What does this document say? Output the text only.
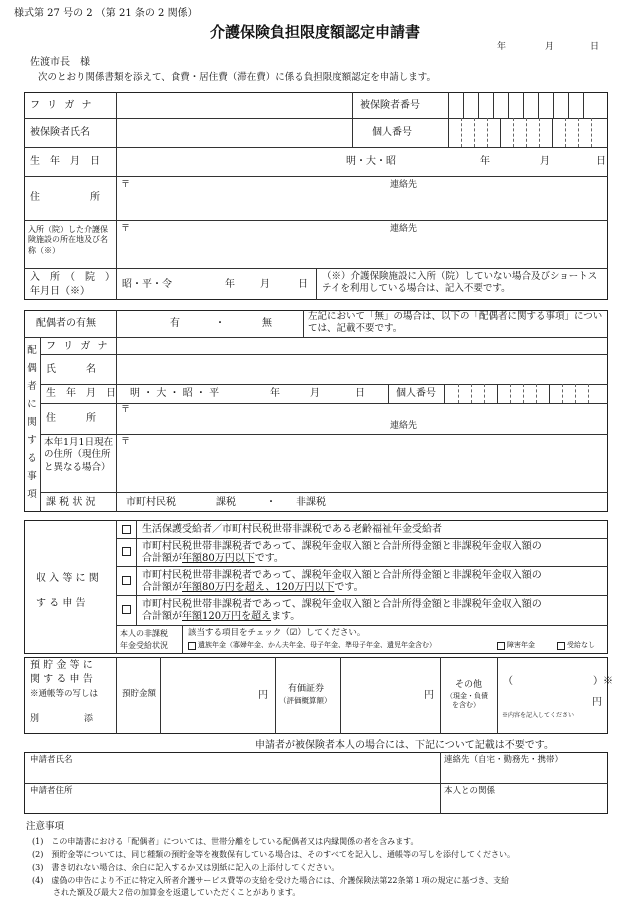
様式第 27 号の 2 （第 21 条の 2 関係）
介護保険負担限度額認定申請書
年	月	日
佐渡市長　様
次のとおり関係書類を添えて、食費・居住費（滞在費）に係る負担限度額認定を申請します。
フ リ ガ ナ	被保険者番号
被保険者氏名	個人番号
生　年　月　日	明・大・昭	年	月	日
住　　　　　所
〒	連絡先
入所（院）した介護保険施設の所在地及び名称（※）
〒	連絡先
入　所　（　院　）
年月日（※）
昭・平・令	年	月	日
（※）介護保険施設に入所（院）していない場合及びショートステイを利用している場合は、記入不要です。
配偶者の有無	有	・	無
左記において「無」の場合は、以下の「配偶者に関する事項」については、記載不要です。
配偶者に関する事項
フ リ ガ ナ
氏　　　名
生　年　月　日 明 ・ 大 ・ 昭 ・ 平	年	月	日	個人番号
住　　　所
〒
連絡先
本年1月1日現在の住所（現住所と異なる場合）
〒
課 税 状 況	市町村民税　　　　課税　　　・　　非課税
収 入 等 に 関
す る 申 告
生活保護受給者／市町村民税世帯非課税である老齢福祉年金受給者
市町村民税世帯非課税者であって、課税年金収入額と合計所得金額と非課税年金収入額の
合計額が年額80万円以下です。
市町村民税世帯非課税者であって、課税年金収入額と合計所得金額と非課税年金収入額の
合計額が年額80万円を超え、120万円以下です。
市町村民税世帯非課税者であって、課税年金収入額と合計所得金額と非課税年金収入額の
合計額が年額120万円を超えます。
本人の非課税
年金受給状況
該当する項目をチェック（☑）してください。
遺族年金（寡婦年金、かん夫年金、母子年金、準母子年金、遺児年金含む）	障害年金	受給なし
預 貯 金 等 に
関 す る 申 告
※通帳等の写しは
別　　　　　添
預貯金額	円
有価証券
（評価概算額）	円
その他
（現金・負債
を含む）
（　　　　　　　　）※
円
※内容を記入してください
申請者が被保険者本人の場合には、下記について記載は不要です。
申請者氏名	連絡先（自宅・勤務先・携帯）
申請者住所	本人との関係
注意事項
(1)　この申請書における「配偶者」については、世帯分離をしている配偶者又は内縁関係の者を含みます。
(2)　預貯金等については、同じ種類の預貯金等を複数保有している場合は、そのすべてを記入し、通帳等の写しを添付してください。
(3)　書き切れない場合は、余白に記入するか又は別紙に記入の上添付してください。
(4)　虚偽の申告により不正に特定入所者介護サービス費等の支給を受けた場合には、介護保険法第22条第１項の規定に基づき、支給
された額及び最大２倍の加算金を返還していただくことがあります。
